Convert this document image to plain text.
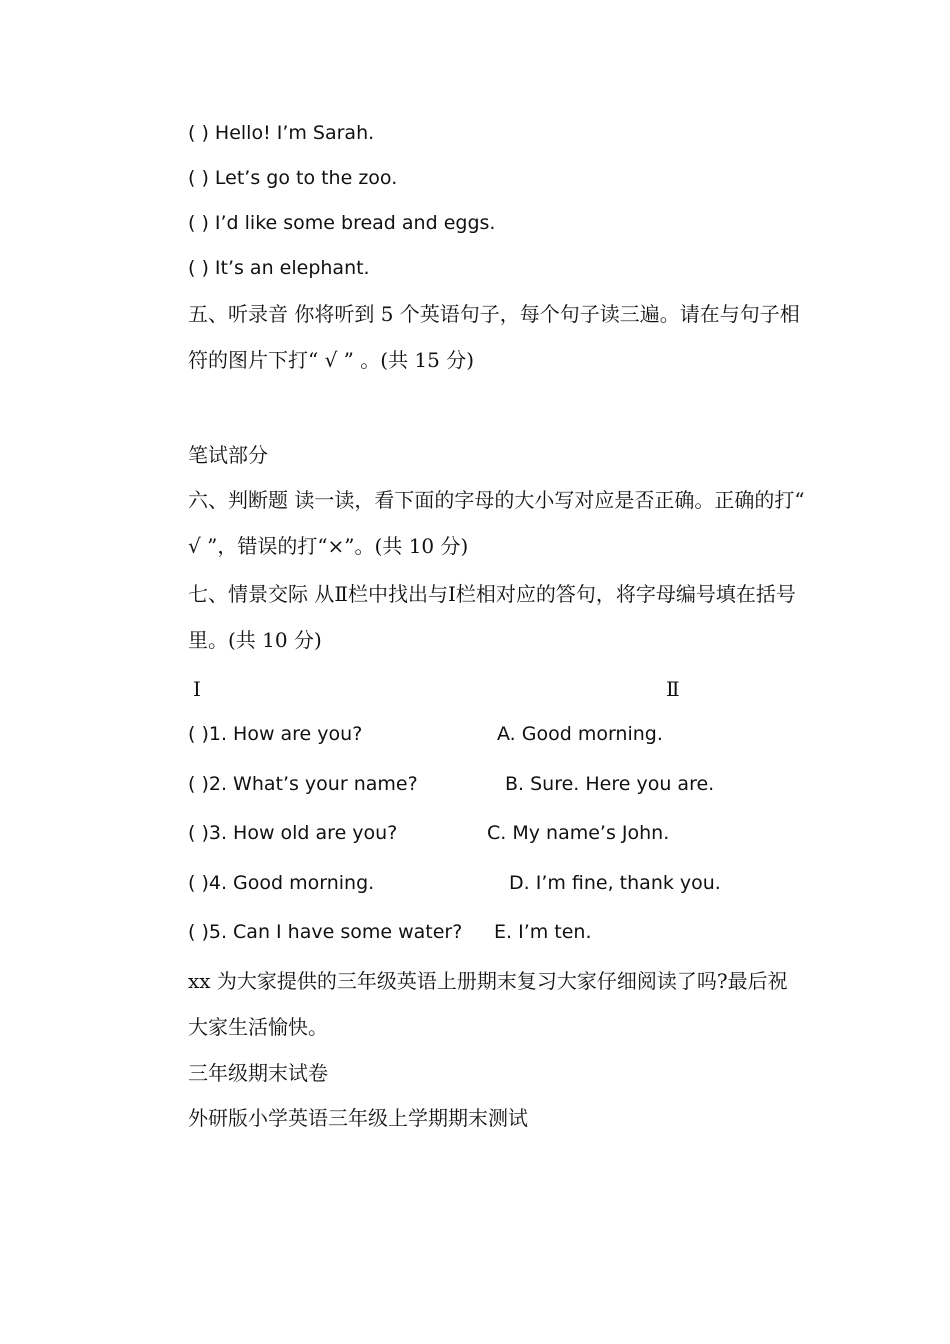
( ) Hello! I’m Sarah.
( ) Let’s go to the zoo.
( ) I’d like some bread and eggs.
( ) It’s an elephant.
五、听录音 你将听到 5 个英语句子，每个句子读三遍。请在与句子相符的图片下打“ √ ” 。(共 15 分)
笔试部分
六、判断题 读一读，看下面的字母的大小写对应是否正确。正确的打“ √ ”，错误的打“×”。(共 10 分)
七、情景交际 从Ⅱ栏中找出与Ⅰ栏相对应的答句，将字母编号填在括号里。(共 10 分)
Ⅰ	Ⅱ
( )1. How are you?	A. Good morning.
( )2. What’s your name?	B. Sure. Here you are.
( )3. How old are you?	C. My name’s John.
( )4. Good morning.	D. I’m fine, thank you.
( )5. Can I have some water? E. I’m ten.
xx 为大家提供的三年级英语上册期末复习大家仔细阅读了吗?最后祝大家生活愉快。
三年级期末试卷
外研版小学英语三年级上学期期末测试
